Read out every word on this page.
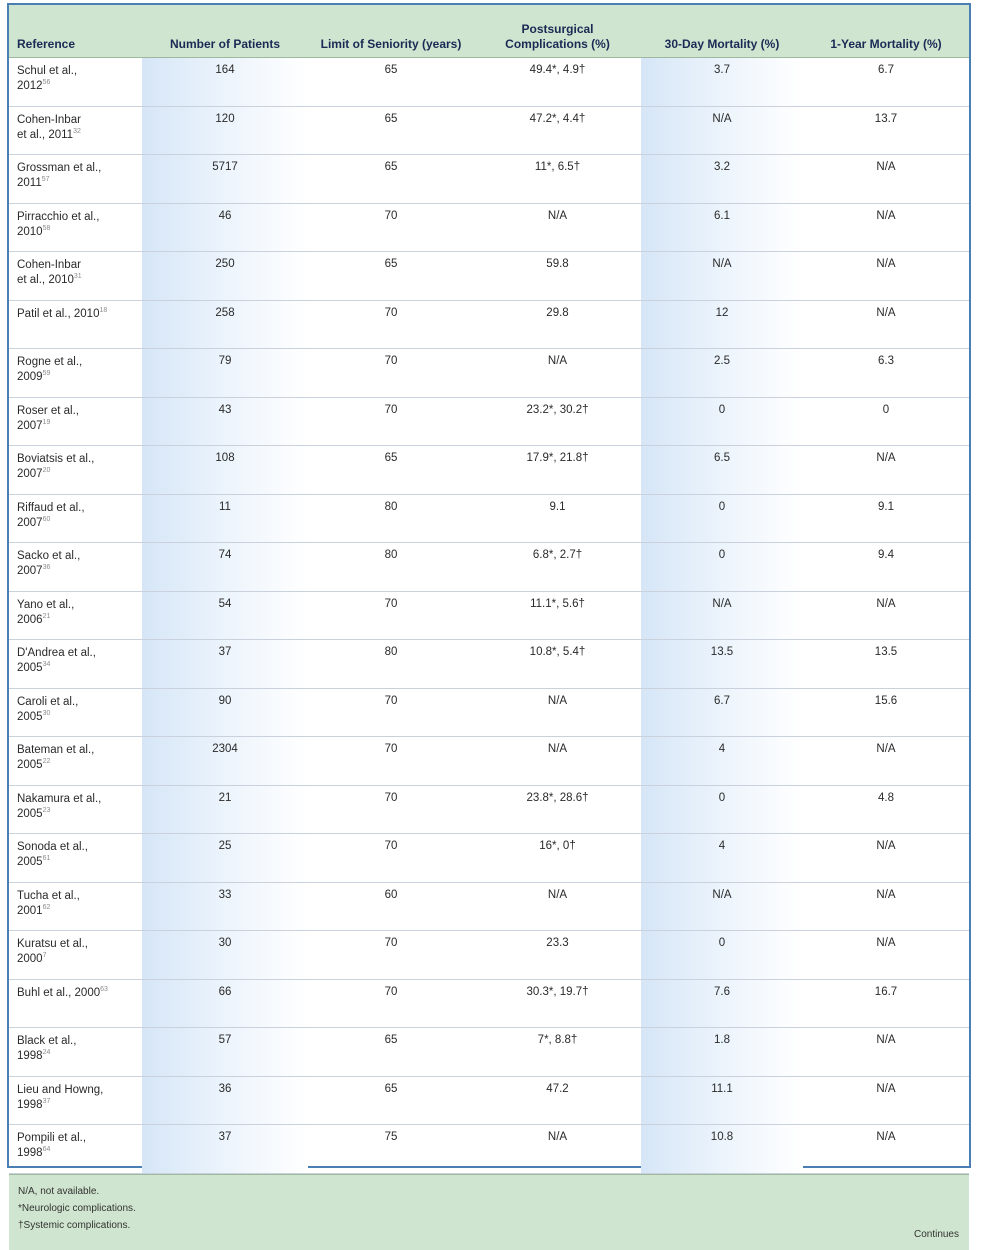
Reference	Number of Patients	Limit of Seniority (years)	Postsurgical Complications (%)	30-Day Mortality (%)	1-Year Mortality (%)
Schul et al.,
2012$^{56}$	164	65	49.4*, 4.9†	3.7	6.7
Cohen-Inbar
et al., 2011$^{32}$	120	65	47.2*, 4.4†	N/A	13.7
Grossman et al.,
2011$^{57}$	5717	65	11*, 6.5†	3.2	N/A
Pirracchio et al.,
2010$^{58}$	46	70	N/A	6.1	N/A
Cohen-Inbar
et al., 2010$^{31}$	250	65	59.8	N/A	N/A
Patil et al., 2010$^{18}$	258	70	29.8	12	N/A
Rogne et al.,
2009$^{59}$	79	70	N/A	2.5	6.3
Roser et al.,
2007$^{19}$	43	70	23.2*, 30.2†	0	0
Boviatsis et al.,
2007$^{20}$	108	65	17.9*, 21.8†	6.5	N/A
Riffaud et al.,
2007$^{60}$	11	80	9.1	0	9.1
Sacko et al.,
2007$^{36}$	74	80	6.8*, 2.7†	0	9.4
Yano et al.,
2006$^{21}$	54	70	11.1*, 5.6†	N/A	N/A
D'Andrea et al.,
2005$^{34}$	37	80	10.8*, 5.4†	13.5	13.5
Caroli et al.,
2005$^{30}$	90	70	N/A	6.7	15.6
Bateman et al.,
2005$^{22}$	2304	70	N/A	4	N/A
Nakamura et al.,
2005$^{23}$	21	70	23.8*, 28.6†	0	4.8
Sonoda et al.,
2005$^{61}$	25	70	16*, 0†	4	N/A
Tucha et al.,
2001$^{62}$	33	60	N/A	N/A	N/A
Kuratsu et al.,
2000$^7$	30	70	23.3	0	N/A
Buhl et al., 2000$^{63}$	66	70	30.3*, 19.7†	7.6	16.7
Black et al.,
1998$^{24}$	57	65	7*, 8.8†	1.8	N/A
Lieu and Howng,
1998$^{37}$	36	65	47.2	11.1	N/A
Pompili et al.,
1998$^{64}$	37	75	N/A	10.8	N/A
N/A, not available.
*Neurologic complications.
†Systemic complications.
Continues
